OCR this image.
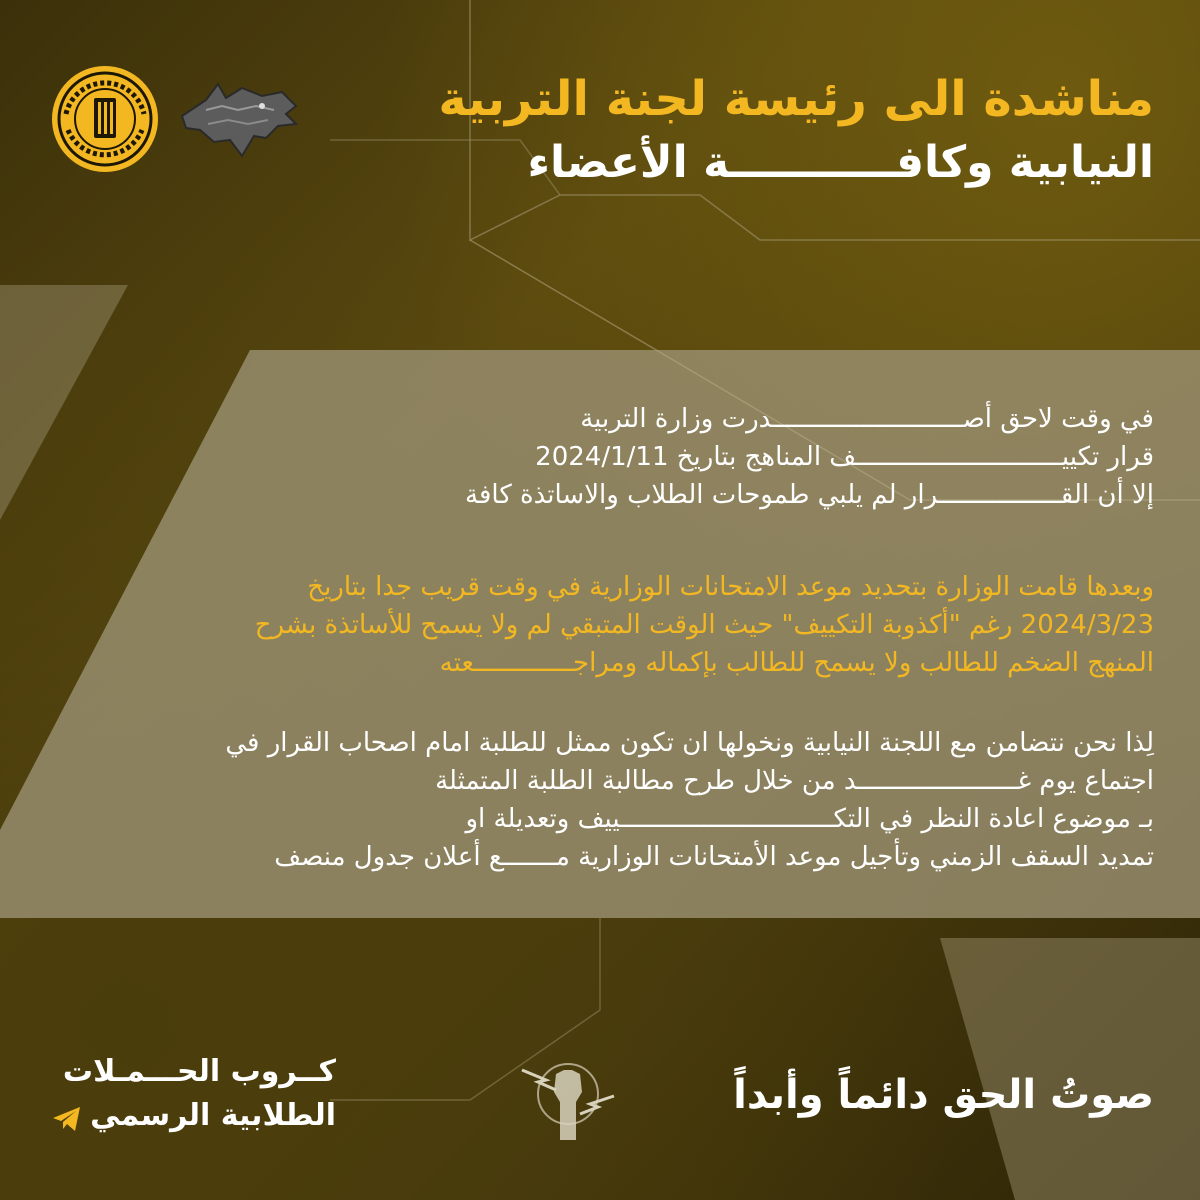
مناشدة الى رئيسة لجنة التربية
النيابية وكافـــــــــــة الأعضاء

في وقت لاحق أصـــــــــــــــــــــــــدرت وزارة التربية
قرار تكييـــــــــــــــــــــــــــف المناهج بتاريخ 2024/1/11
إلا أن القــــــــــــــــرار لم يلبي طموحات الطلاب والاساتذة كافة

وبعدها قامت الوزارة بتحديد موعد الامتحانات الوزارية في وقت قريب جدا بتاريخ
2024/3/23 رغم "أكذوبة التكييف" حيث الوقت المتبقي لم ولا يسمح للأساتذة بشرح
المنهج الضخم للطالب ولا يسمح للطالب بإكماله ومراجـــــــــــــعته

لِذا نحن نتضامن مع اللجنة النيابية ونخولها ان تكون ممثل للطلبة امام اصحاب القرار في
اجتماع يوم غـــــــــــــــــــــد من خلال طرح مطالبة الطلبة المتمثلة
بـ موضوع اعادة النظر في التكــــــــــــــــــــــــــــييف وتعديلة او
تمديد السقف الزمني وتأجيل موعد الأمتحانات الوزارية مـــــــع أعلان جدول منصف

صوتُ الحق دائماً وأبداً

كــروب الحـــمـلات
الطلابية الرسمي
